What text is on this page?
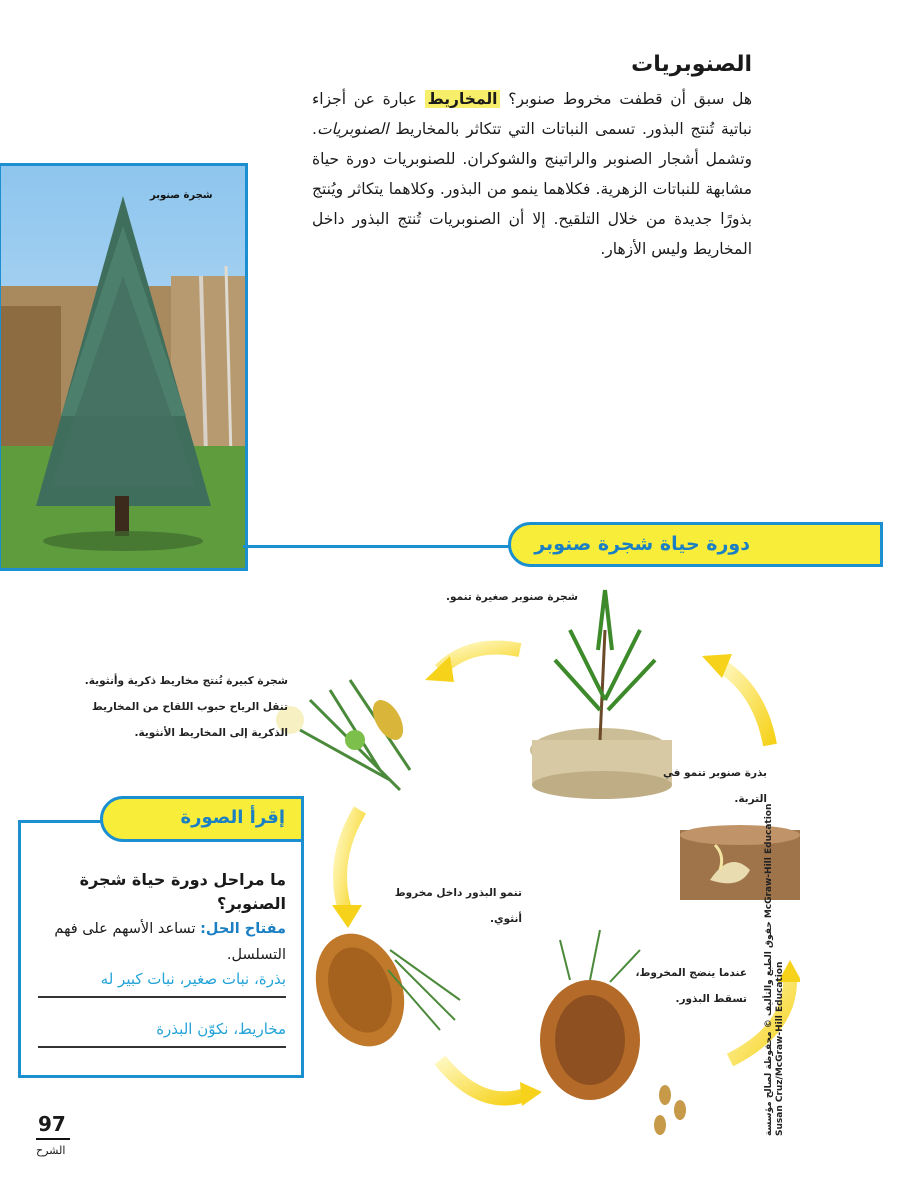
الصنوبريات
هل سبق أن قطفت مخروط صنوبر؟ المخاريط عبارة عن أجزاء نباتية تُنتج البذور. تسمى النباتات التي تتكاثر بالمخاريط الصنوبريات. وتشمل أشجار الصنوبر والراتينج والشوكران. للصنوبريات دورة حياة مشابهة للنباتات الزهرية. فكلاهما ينمو من البذور. وكلاهما يتكاثر ويُنتج بذورًا جديدة من خلال التلقيح. إلا أن الصنوبريات تُنتج البذور داخل المخاريط وليس الأزهار.
شجرة صنوبر
دورة حياة شجرة صنوبر
شجرة صنوبر صغيرة تنمو.
شجرة كبيرة تُنتج مخاريط ذكرية وأنثوية.
تنقل الرياح حبوب اللقاح من المخاريط
الذكرية إلى المخاريط الأنثوية.
بذرة صنوبر تنمو في
التربة.
تنمو البذور داخل مخروط
أنثوي.
عندما ينضج المخروط،
تسقط البذور.
حقوق الطبع والتأليف © محفوظة لصالح مؤسسة McGraw-Hill
Susan Cruz/McGraw-Hill Education
إقرأ الصورة
ما مراحل دورة حياة شجرة الصنوبر؟
مفتاح الحل: تساعد الأسهم على فهم التسلسل.
بذرة، نبات صغير، نبات كبير له
مخاريط، نكوّن البذرة
97
الشرح
